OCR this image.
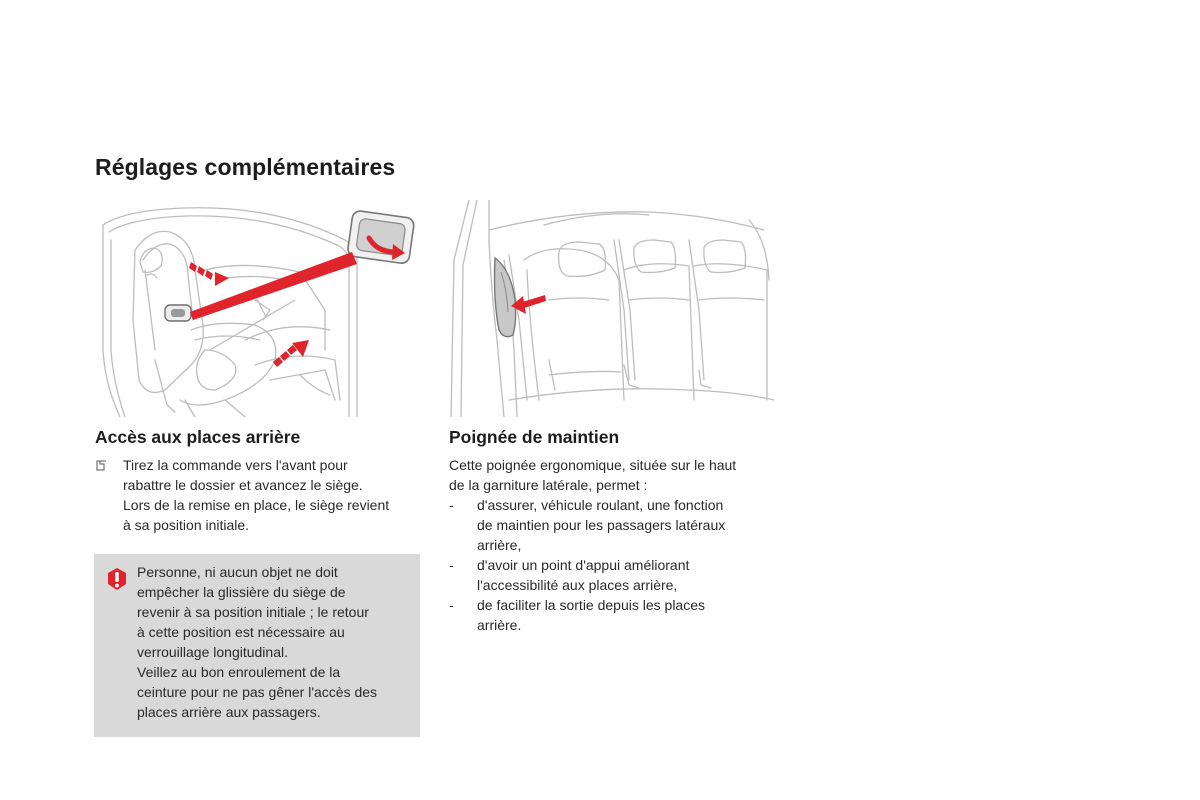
Réglages complémentaires
Accès aux places arrière
Tirez la commande vers l'avant pour
rabattre le dossier et avancez le siège.
Lors de la remise en place, le siège revient
à sa position initiale.
Personne, ni aucun objet ne doit
empêcher la glissière du siège de
revenir à sa position initiale ; le retour
à cette position est nécessaire au
verrouillage longitudinal.
Veillez au bon enroulement de la
ceinture pour ne pas gêner l'accès des
places arrière aux passagers.
Poignée de maintien
Cette poignée ergonomique, située sur le haut
de la garniture latérale, permet :
- d'assurer, véhicule roulant, une fonction
de maintien pour les passagers latéraux
arrière,
- d'avoir un point d'appui améliorant
l'accessibilité aux places arrière,
- de faciliter la sortie depuis les places
arrière.
